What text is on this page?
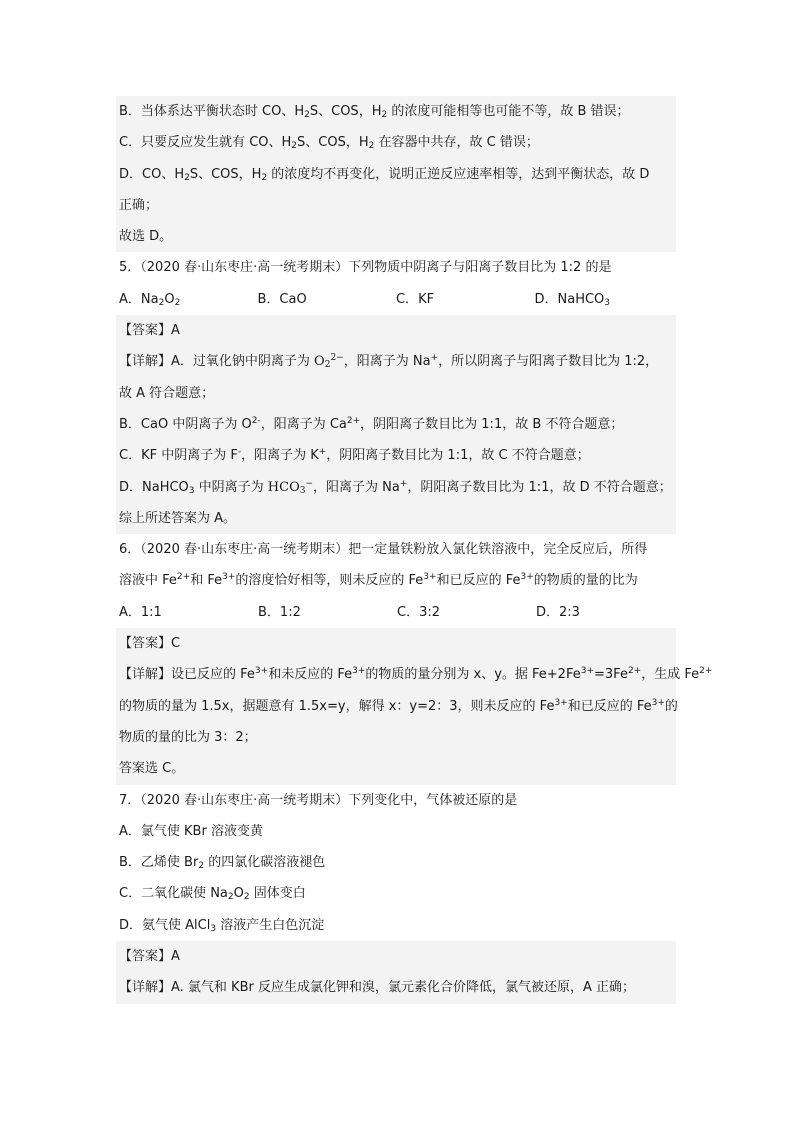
B．当体系达平衡状态时 CO、$H_2S$、COS，$H_2$ 的浓度可能相等也可能不等，故 B 错误；
C．只要反应发生就有 CO、$H_2S$、COS，$H_2$ 在容器中共存，故 C 错误；
D．CO、$H_2S$、COS，$H_2$ 的浓度均不再变化，说明正逆反应速率相等，达到平衡状态，故 D
正确；
故选 D。
5．（2020 春·山东枣庄·高一统考期末）下列物质中阴离子与阳离子数目比为 1:2 的是
A．$Na_2O_2$	B．CaO	C．KF	D．NaHCO$_3$
【答案】A
【详解】A．过氧化钠中阴离子为 $O_2^{2-}$，阳离子为 Na+，所以阴离子与阳离子数目比为 1:2，
故 A 符合题意；
B．CaO 中阴离子为 $O^{2-}$，阳离子为 $Ca^{2+}$，阴阳离子数目比为 1:1，故 B 不符合题意；
C．KF 中阴离子为 F-，阳离子为 K+，阴阳离子数目比为 1:1，故 C 不符合题意；
D．NaHCO$_3$ 中阴离子为 $HCO_3^-$，阳离子为 Na+，阴阳离子数目比为 1:1，故 D 不符合题意；
综上所述答案为 A。
6．（2020 春·山东枣庄·高一统考期末）把一定量铁粉放入氯化铁溶液中，完全反应后，所得
溶液中 $Fe^{2+}$和 $Fe^{3+}$的溶度恰好相等，则未反应的 $Fe^{3+}$和已反应的 $Fe^{3+}$的物质的量的比为
A．1:1	B．1:2	C．3:2	D．2:3
【答案】C
【详解】设已反应的 $Fe^{3+}$和未反应的 $Fe^{3+}$的物质的量分别为 x、y。据 $Fe+2Fe^{3+}=3Fe^{2+}$，生成 $Fe^{2+}$
的物质的量为 1.5x，据题意有 1.5x=y，解得 x：y=2：3，则未反应的 $Fe^{3+}$和已反应的 $Fe^{3+}$的
物质的量的比为 3：2；
答案选 C。
7．（2020 春·山东枣庄·高一统考期末）下列变化中，气体被还原的是
A．氯气使 KBr 溶液变黄
B．乙烯使 $Br_2$ 的四氯化碳溶液褪色
C．二氧化碳使 $Na_2O_2$ 固体变白
D．氨气使 AlCl$_3$ 溶液产生白色沉淀
【答案】A
【详解】A. 氯气和 KBr 反应生成氯化钾和溴，氯元素化合价降低，氯气被还原，A 正确；
